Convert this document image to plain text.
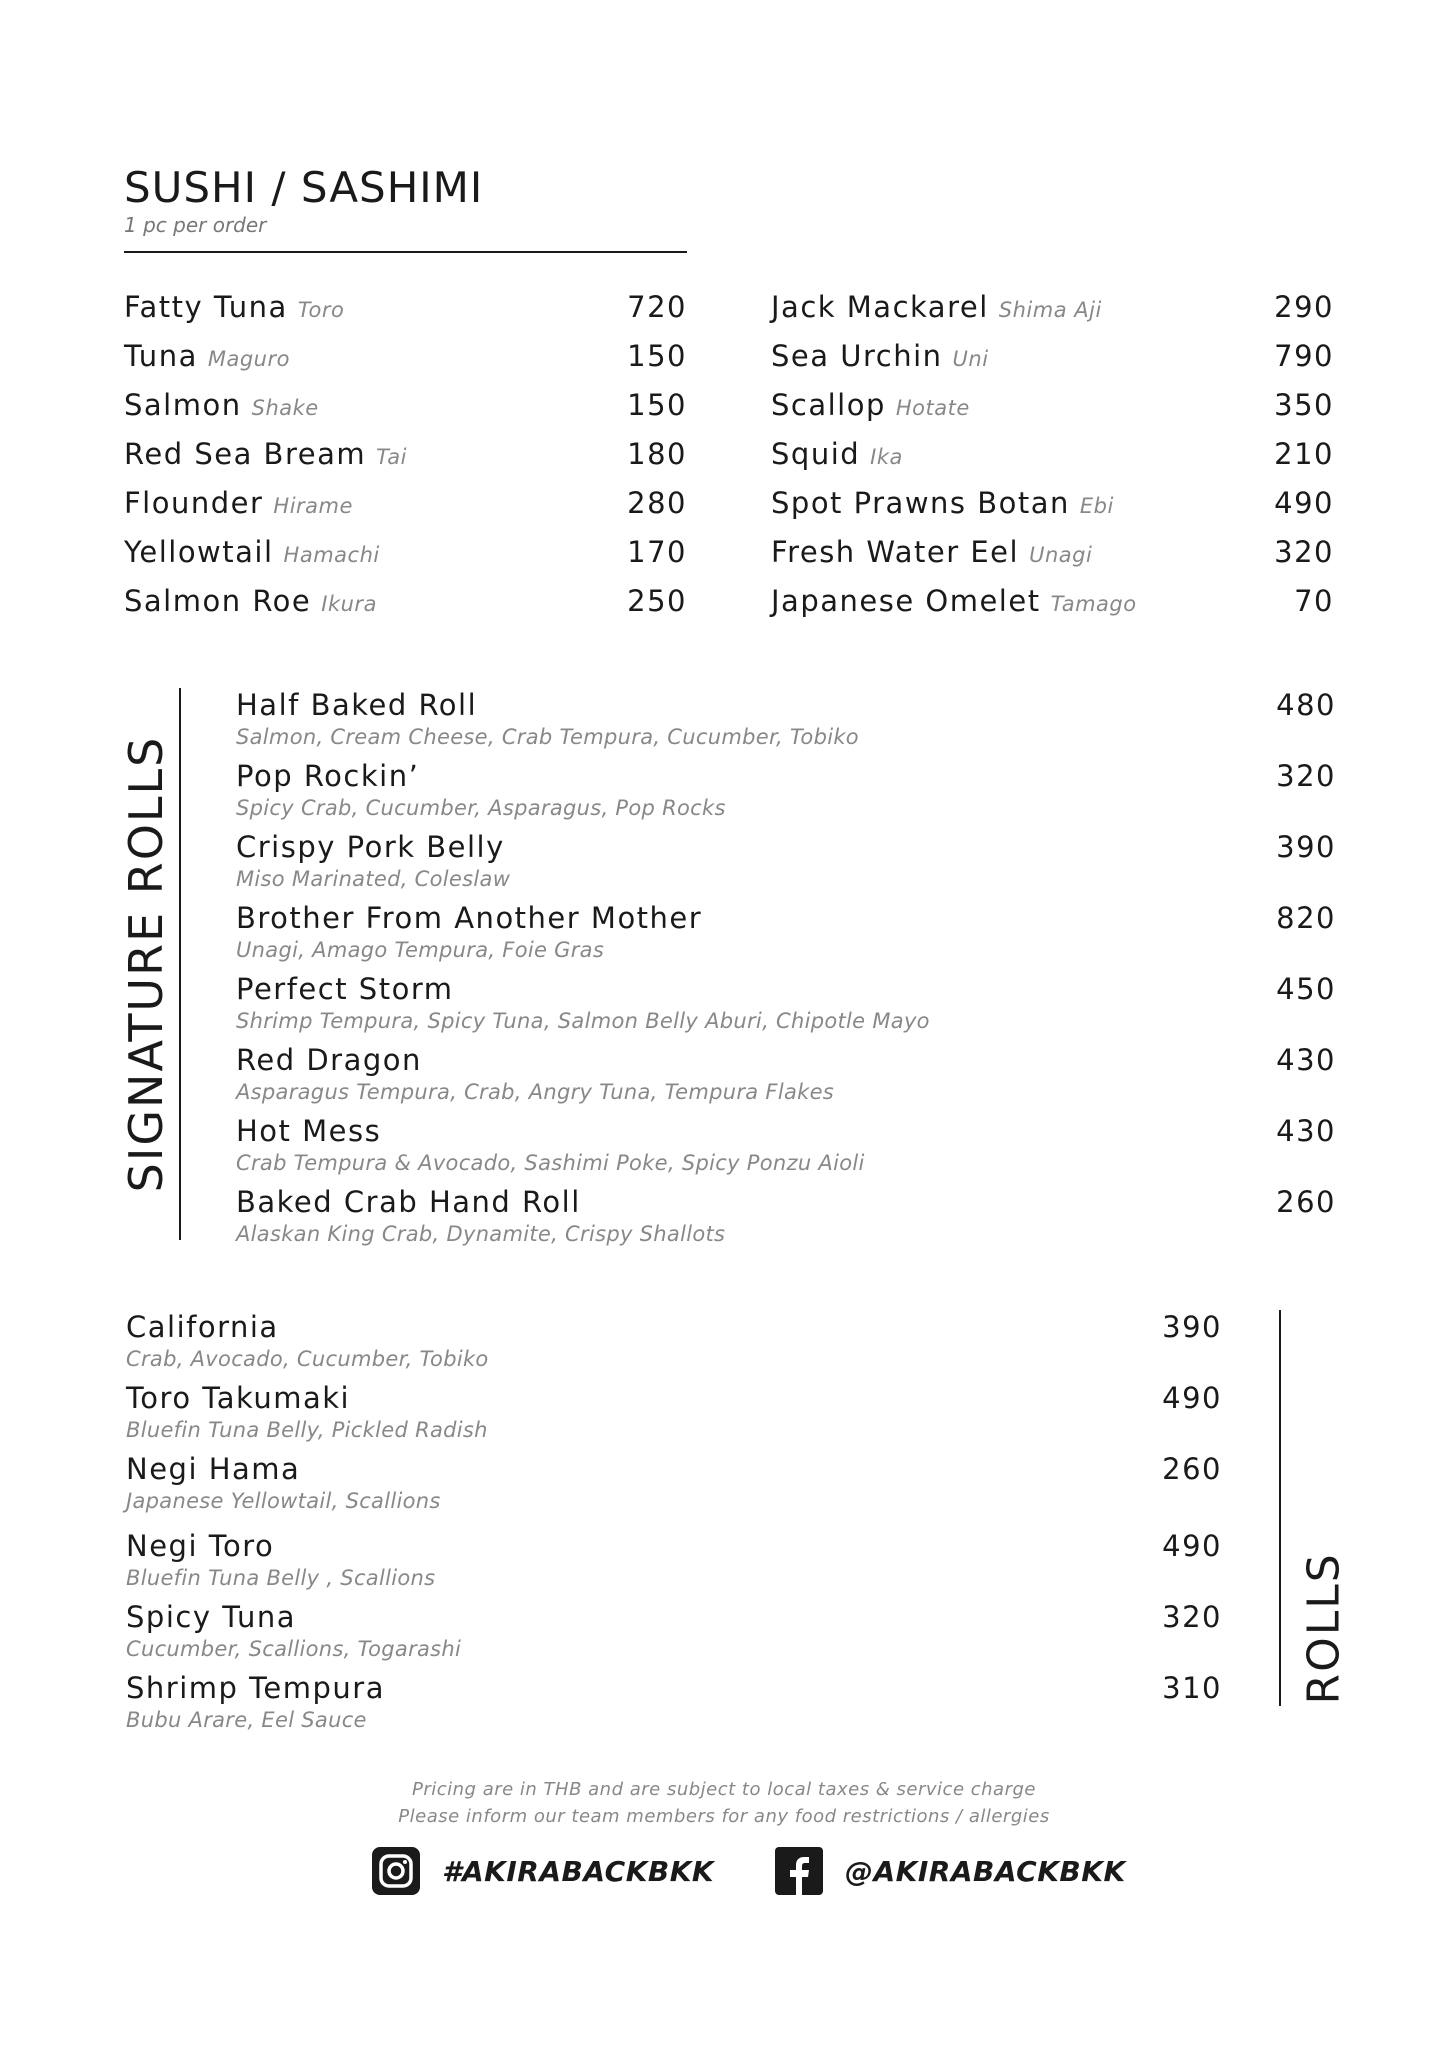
SUSHI / SASHIMI
1 pc per order
Fatty Tuna Toro	720
Tuna Maguro	150
Salmon Shake	150
Red Sea Bream Tai	180
Flounder Hirame	280
Yellowtail Hamachi	170
Salmon Roe Ikura	250
Jack Mackarel Shima Aji	290
Sea Urchin Uni	790
Scallop Hotate	350
Squid Ika	210
Spot Prawns Botan Ebi	490
Fresh Water Eel Unagi	320
Japanese Omelet Tamago	70
SIGNATURE ROLLS
Half Baked Roll
Salmon, Cream Cheese, Crab Tempura, Cucumber, Tobiko
480
Pop Rockin’
Spicy Crab, Cucumber, Asparagus, Pop Rocks
320
Crispy Pork Belly
Miso Marinated, Coleslaw
390
Brother From Another Mother
Unagi, Amago Tempura, Foie Gras
820
Perfect Storm
Shrimp Tempura, Spicy Tuna, Salmon Belly Aburi, Chipotle Mayo
450
Red Dragon
Asparagus Tempura, Crab, Angry Tuna, Tempura Flakes
430
Hot Mess
Crab Tempura & Avocado, Sashimi Poke, Spicy Ponzu Aioli
430
Baked Crab Hand Roll
Alaskan King Crab, Dynamite, Crispy Shallots
260
California
Crab, Avocado, Cucumber, Tobiko
390
Toro Takumaki
Bluefin Tuna Belly, Pickled Radish
490
Negi Hama
Japanese Yellowtail, Scallions
260
Negi Toro
Bluefin Tuna Belly , Scallions
490
Spicy Tuna
Cucumber, Scallions, Togarashi
320
Shrimp Tempura
Bubu Arare, Eel Sauce
310 ROLLS
Pricing are in THB and are subject to local taxes & service charge
Please inform our team members for any food restrictions / allergies
#AKIRABACKBKK	@AKIRABACKBKK
